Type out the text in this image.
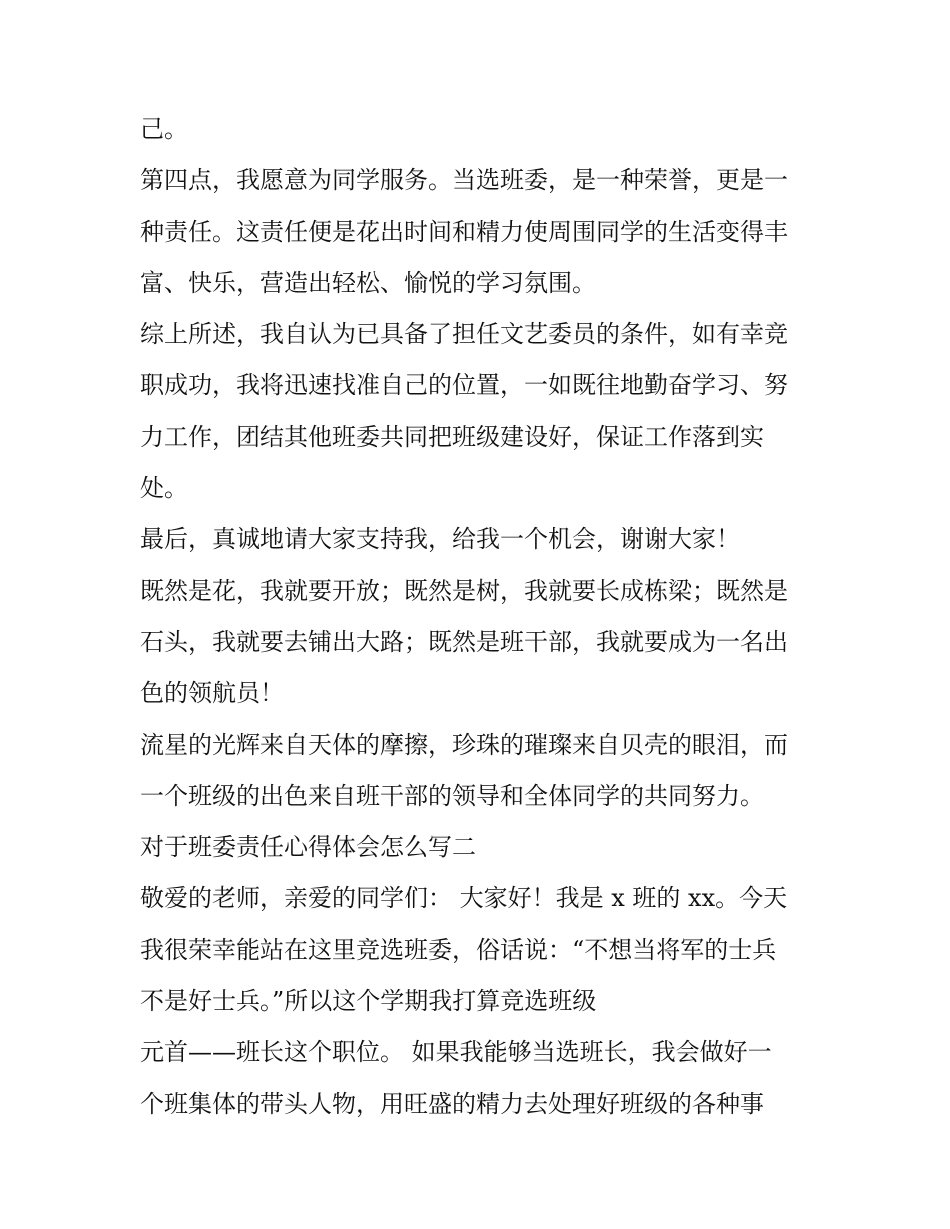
己。

第四点，我愿意为同学服务。当选班委，是一种荣誉，更是一

种责任。这责任便是花出时间和精力使周围同学的生活变得丰

富、快乐，营造出轻松、愉悦的学习氛围。

综上所述，我自认为已具备了担任文艺委员的条件，如有幸竞

职成功，我将迅速找准自己的位置，一如既往地勤奋学习、努

力工作，团结其他班委共同把班级建设好，保证工作落到实

处。

最后，真诚地请大家支持我，给我一个机会，谢谢大家！

既然是花，我就要开放；既然是树，我就要长成栋梁；既然是

石头，我就要去铺出大路；既然是班干部，我就要成为一名出

色的领航员！

流星的光辉来自天体的摩擦，珍珠的璀璨来自贝壳的眼泪，而

一个班级的出色来自班干部的领导和全体同学的共同努力。

对于班委责任心得体会怎么写二

敬爱的老师，亲爱的同学们： 大家好！我是 x 班的 xx。今天

我很荣幸能站在这里竞选班委，俗话说：“不想当将军的士兵

不是好士兵。”所以这个学期我打算竞选班级

元首——班长这个职位。 如果我能够当选班长，我会做好一

个班集体的带头人物，用旺盛的精力去处理好班级的各种事
